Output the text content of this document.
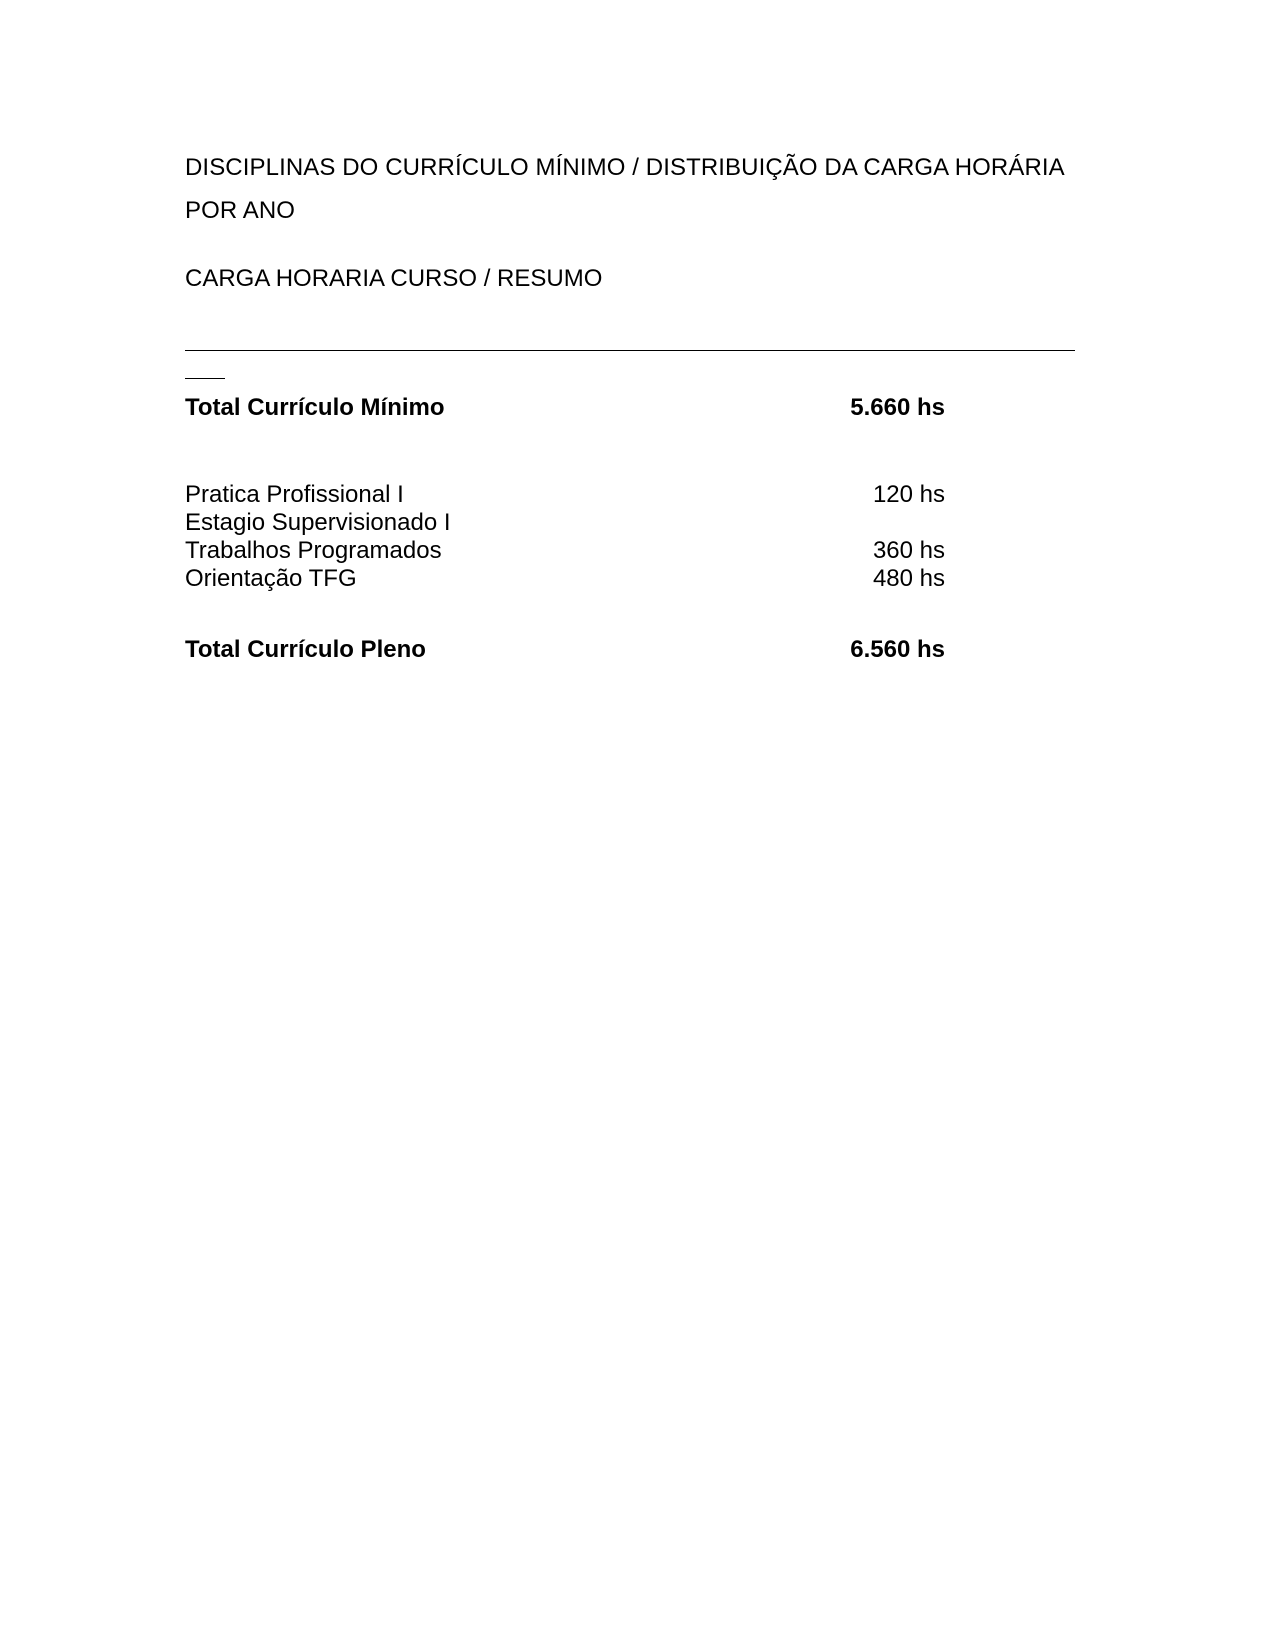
DISCIPLINAS DO CURRÍCULO MÍNIMO / DISTRIBUIÇÃO DA CARGA HORÁRIA POR ANO
CARGA HORARIA CURSO / RESUMO
Total Currículo Mínimo	5.660 hs
Pratica Profissional I	120 hs
Estagio Supervisionado I
Trabalhos Programados	360 hs
Orientação TFG	480 hs
Total Currículo Pleno	6.560 hs
